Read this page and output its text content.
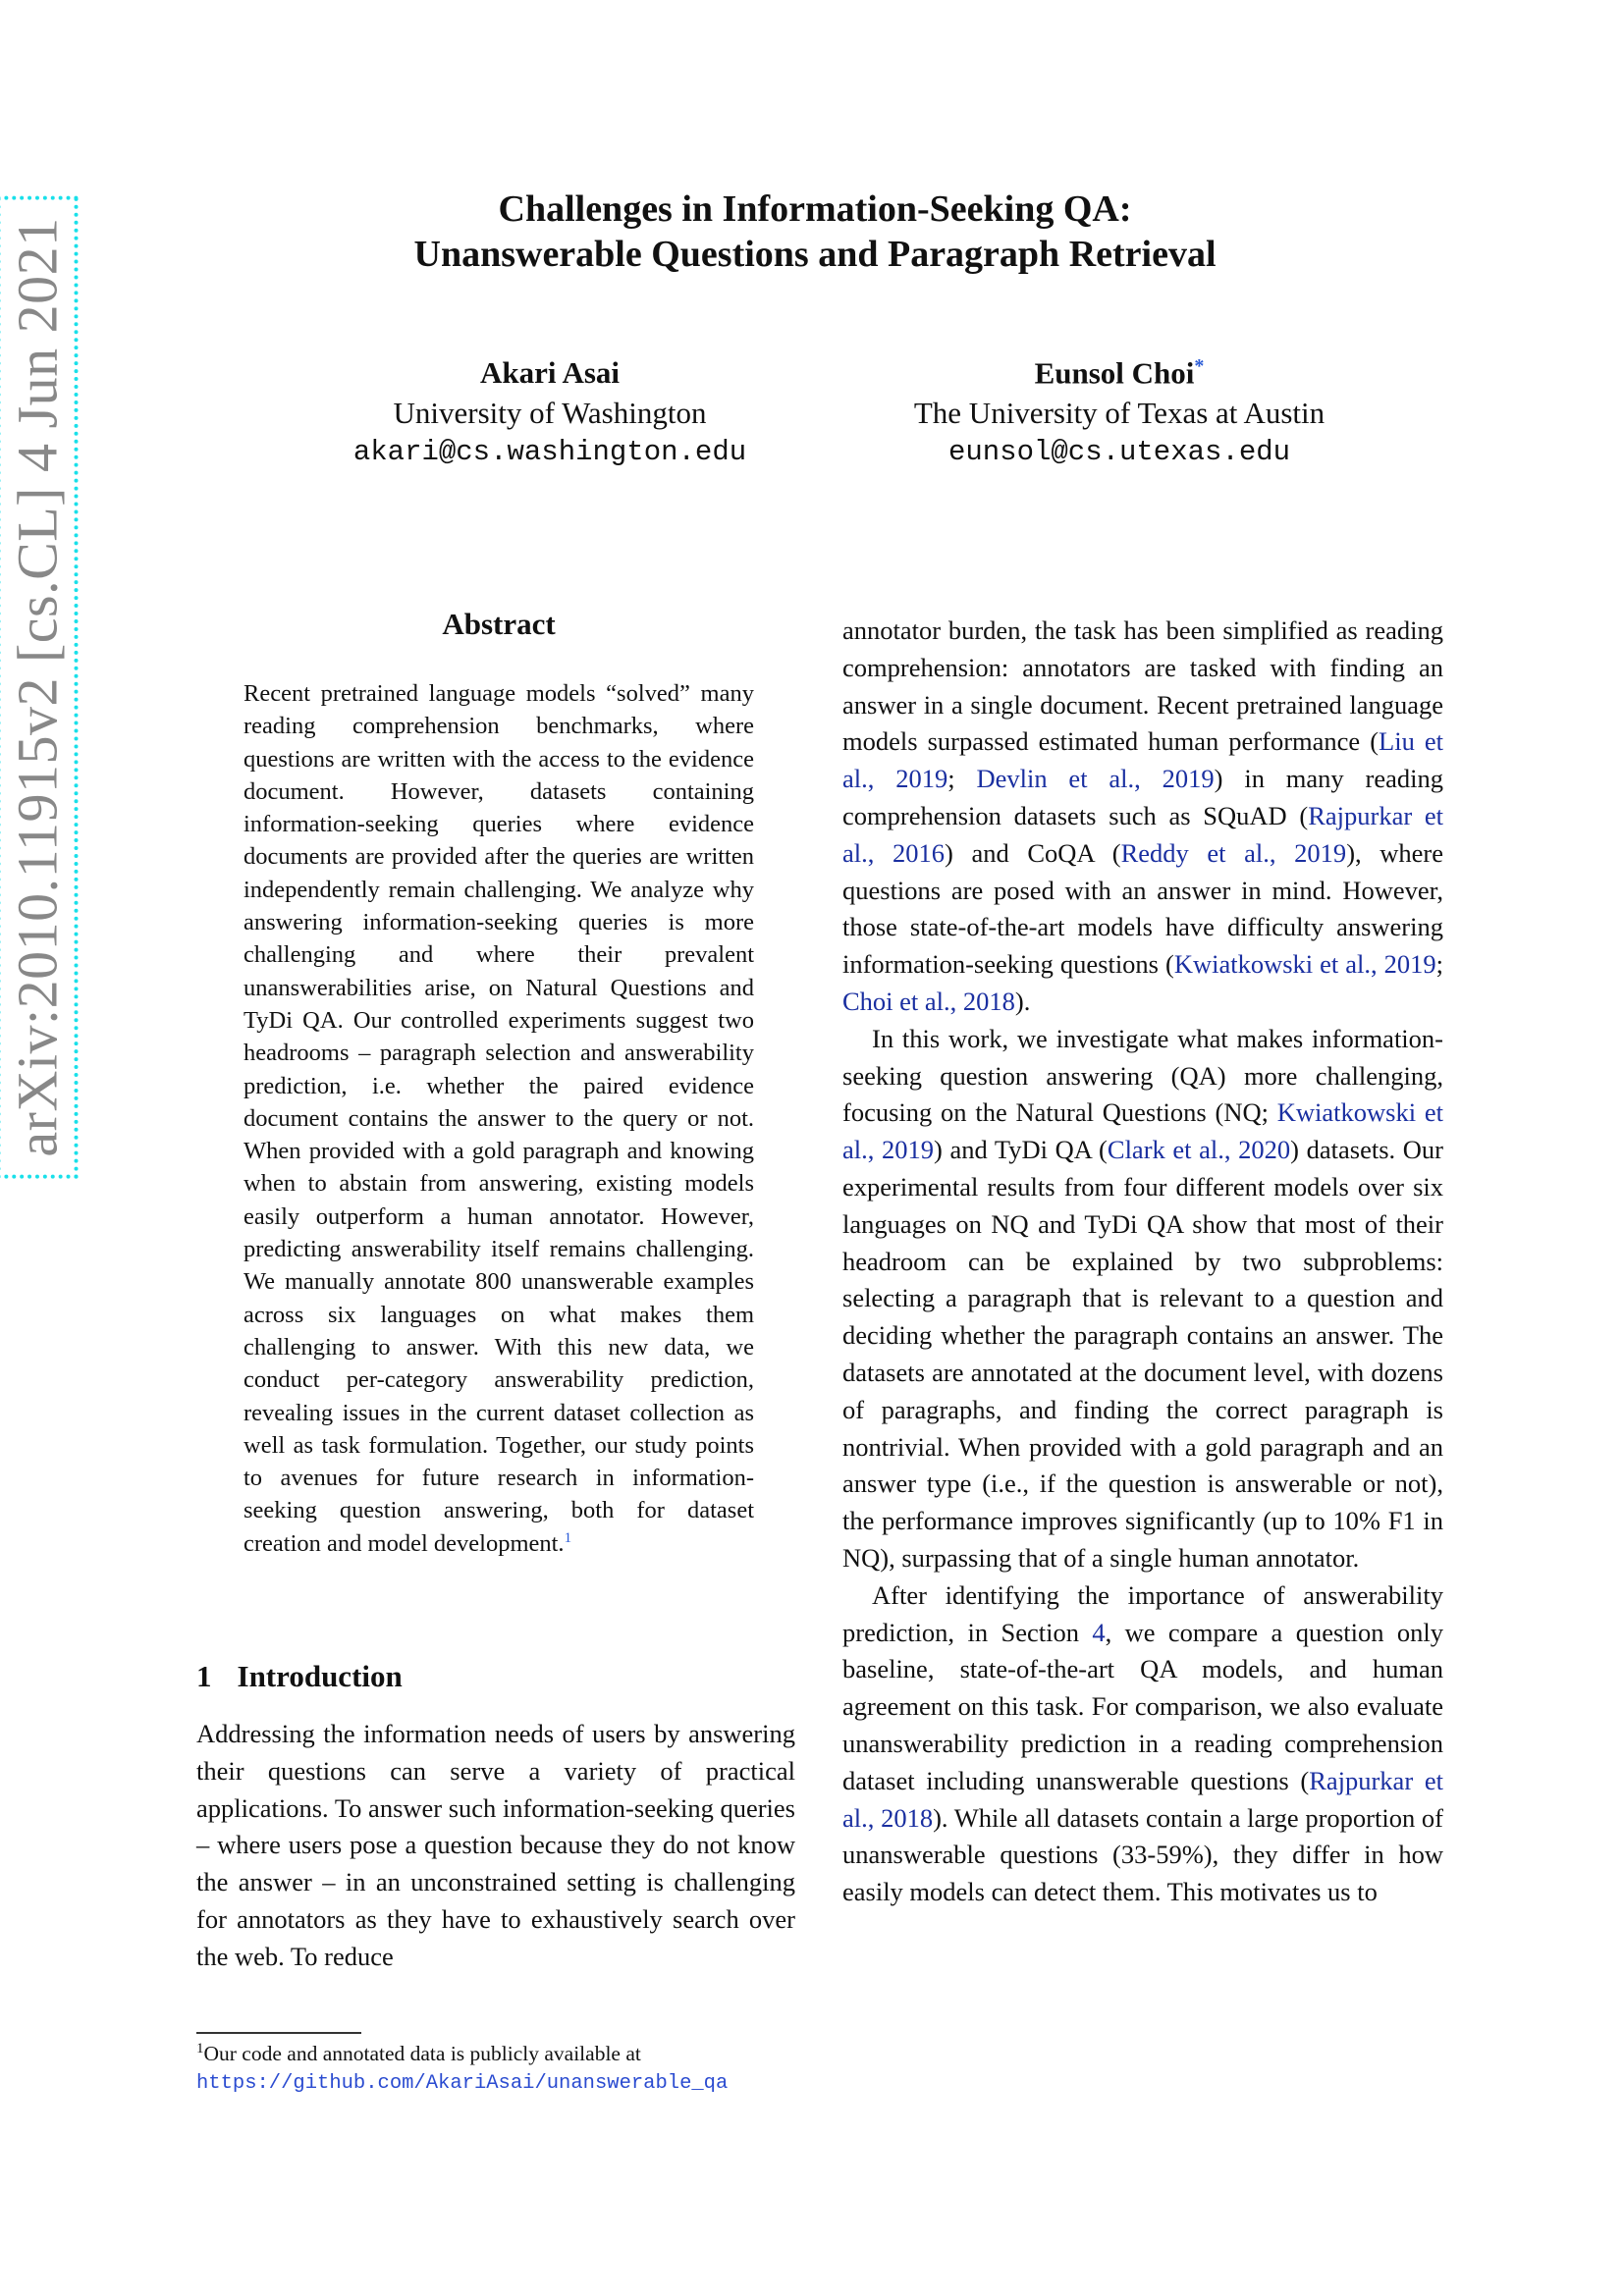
arXiv:2010.11915v2 [cs.CL] 4 Jun 2021
Challenges in Information-Seeking QA:
Unanswerable Questions and Paragraph Retrieval
Akari Asai
University of Washington
akari@cs.washington.edu
Eunsol Choi*
The University of Texas at Austin
eunsol@cs.utexas.edu
Abstract
Recent pretrained language models “solved” many reading comprehension benchmarks, where questions are written with the access to the evidence document. However, datasets containing information-seeking queries where evidence documents are provided after the queries are written independently remain challenging. We analyze why answering information-seeking queries is more challenging and where their prevalent unanswerabilities arise, on Natural Questions and TyDi QA. Our controlled experiments suggest two headrooms – paragraph selection and answerability prediction, i.e. whether the paired evidence document contains the answer to the query or not. When provided with a gold paragraph and knowing when to abstain from answering, existing models easily outperform a human annotator. However, predicting answerability itself remains challenging. We manually annotate 800 unanswerable examples across six languages on what makes them challenging to answer. With this new data, we conduct per-category answerability prediction, revealing issues in the current dataset collection as well as task formulation. Together, our study points to avenues for future research in information-seeking question answering, both for dataset creation and model development.$^1$
1 Introduction

Addressing the information needs of users by answering their questions can serve a variety of practical applications. To answer such information-seeking queries – where users pose a question because they do not know the answer – in an unconstrained setting is challenging for annotators as they have to exhaustively search over the web. To reduce

$^1$Our code and annotated data is publicly available at
https://github.com/AkariAsai/unanswerable_qa

annotator burden, the task has been simplified as reading comprehension: annotators are tasked with finding an answer in a single document. Recent pretrained language models surpassed estimated human performance (Liu et al., 2019; Devlin et al., 2019) in many reading comprehension datasets such as SQuAD (Rajpurkar et al., 2016) and CoQA (Reddy et al., 2019), where questions are posed with an answer in mind. However, those state-of-the-art models have difficulty answering information-seeking questions (Kwiatkowski et al., 2019; Choi et al., 2018).

In this work, we investigate what makes information-seeking question answering (QA) more challenging, focusing on the Natural Questions (NQ; Kwiatkowski et al., 2019) and TyDi QA (Clark et al., 2020) datasets. Our experimental results from four different models over six languages on NQ and TyDi QA show that most of their headroom can be explained by two subproblems: selecting a paragraph that is relevant to a question and deciding whether the paragraph contains an answer. The datasets are annotated at the document level, with dozens of paragraphs, and finding the correct paragraph is nontrivial. When provided with a gold paragraph and an answer type (i.e., if the question is answerable or not), the performance improves significantly (up to 10% F1 in NQ), surpassing that of a single human annotator.

After identifying the importance of answerability prediction, in Section 4, we compare a question only baseline, state-of-the-art QA models, and human agreement on this task. For comparison, we also evaluate unanswerability prediction in a reading comprehension dataset including unanswerable questions (Rajpurkar et al., 2018). While all datasets contain a large proportion of unanswerable questions (33-59%), they differ in how easily models can detect them. This motivates us to
